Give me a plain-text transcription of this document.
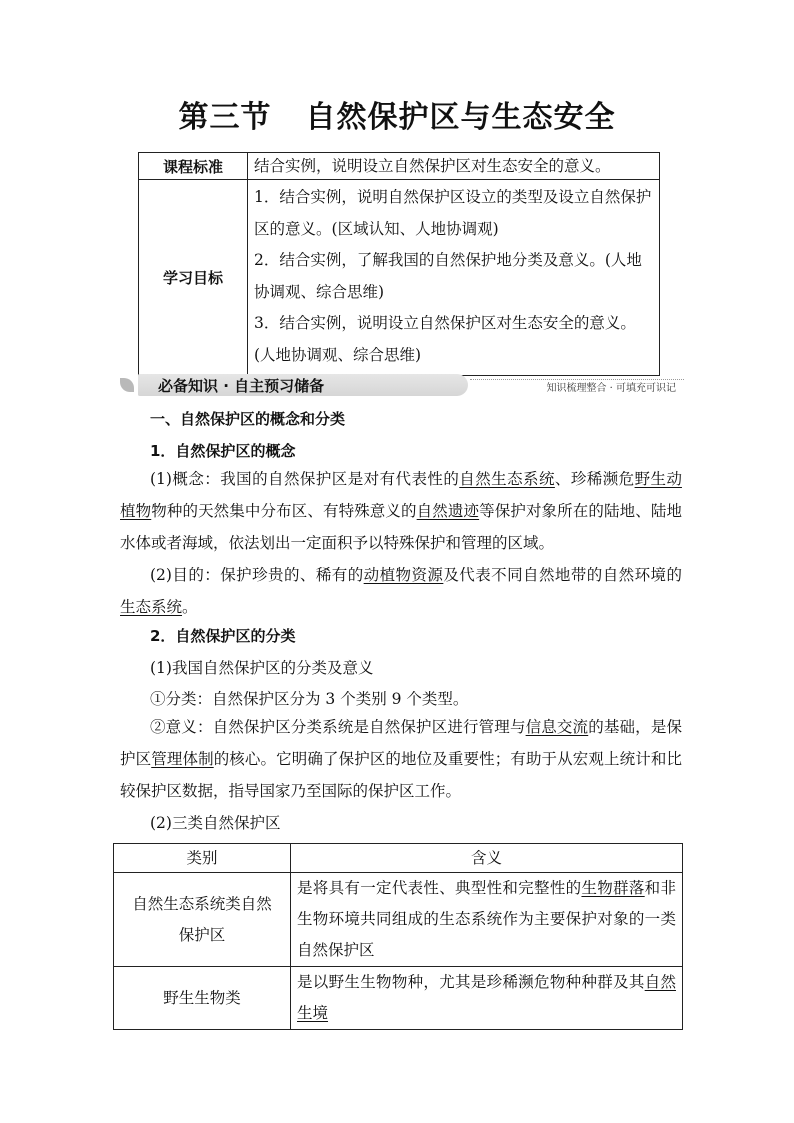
第三节 自然保护区与生态安全
课程标准	结合实例，说明设立自然保护区对生态安全的意义。
学习目标	1．结合实例，说明自然保护区设立的类型及设立自然保护区的意义。(区域认知、人地协调观)
2．结合实例，了解我国的自然保护地分类及意义。(人地协调观、综合思维)
3．结合实例，说明设立自然保护区对生态安全的意义。(人地协调观、综合思维)
必备知识 · 自主预习储备	知识梳理整合 · 可填充可识记
一、自然保护区的概念和分类
1．自然保护区的概念
(1)概念：我国的自然保护区是对有代表性的自然生态系统、珍稀濒危野生动植物物种的天然集中分布区、有特殊意义的自然遗迹等保护对象所在的陆地、陆地水体或者海域，依法划出一定面积予以特殊保护和管理的区域。
(2)目的：保护珍贵的、稀有的动植物资源及代表不同自然地带的自然环境的生态系统。
2．自然保护区的分类
(1)我国自然保护区的分类及意义
①分类：自然保护区分为 3 个类别 9 个类型。
②意义：自然保护区分类系统是自然保护区进行管理与信息交流的基础，是保护区管理体制的核心。它明确了保护区的地位及重要性；有助于从宏观上统计和比较保护区数据，指导国家乃至国际的保护区工作。
(2)三类自然保护区
类别	含义
自然生态系统类自然保护区	是将具有一定代表性、典型性和完整性的生物群落和非生物环境共同组成的生态系统作为主要保护对象的一类自然保护区
野生生物类	是以野生生物物种，尤其是珍稀濒危物种种群及其自然生境
